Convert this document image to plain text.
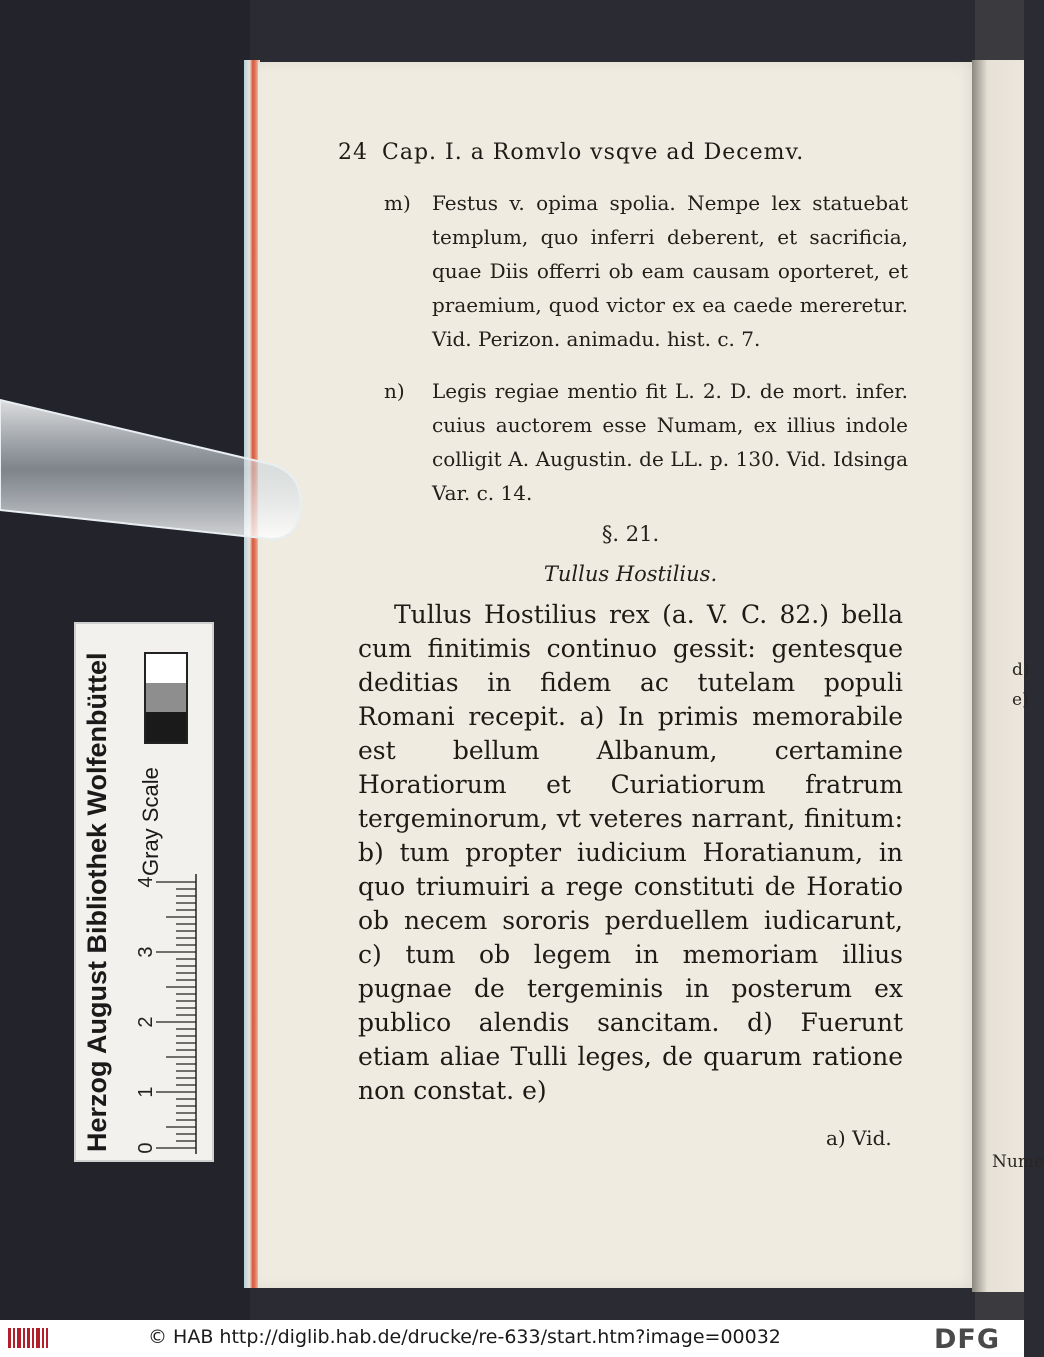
d)
e)
Nume
24 Cap. I. a Romvlo vsqve ad Decemv.
m) Festus v. opima spolia. Nempe lex statuebat templum, quo inferri deberent, et sacrificia, quae Diis offerri ob eam causam oporteret, et praemium, quod victor ex ea caede mereretur. Vid. Perizon. animadu. hist. c. 7.
n) Legis regiae mentio fit L. 2. D. de mort. infer. cuius auctorem esse Numam, ex illius indole colligit A. Augustin. de LL. p. 130. Vid. Idsinga Var. c. 14.
§. 21.
Tullus Hostilius.

Tullus Hostilius rex (a. V. C. 82.) bella cum finitimis continuo gessit: gentesque deditias in fidem ac tutelam populi Romani recepit. a) In primis memorabile est bellum Albanum, certamine Horatiorum et Curiatiorum fratrum tergeminorum, vt veteres narrant, finitum: b) tum propter iudicium Horatianum, in quo triumuiri a rege constituti de Horatio ob necem sororis perduellem iudicarunt, c) tum ob legem in memoriam illius pugnae de tergeminis in posterum ex publico alendis sancitam. d) Fuerunt etiam aliae Tulli leges, de quarum ratione non constat. e)

a) Vid.
Gray Scale
0
1
2
3
4
Herzog August Bibliothek Wolfenbüttel
© HAB http://diglib.hab.de/drucke/re-633/start.htm?image=00032	DFG
